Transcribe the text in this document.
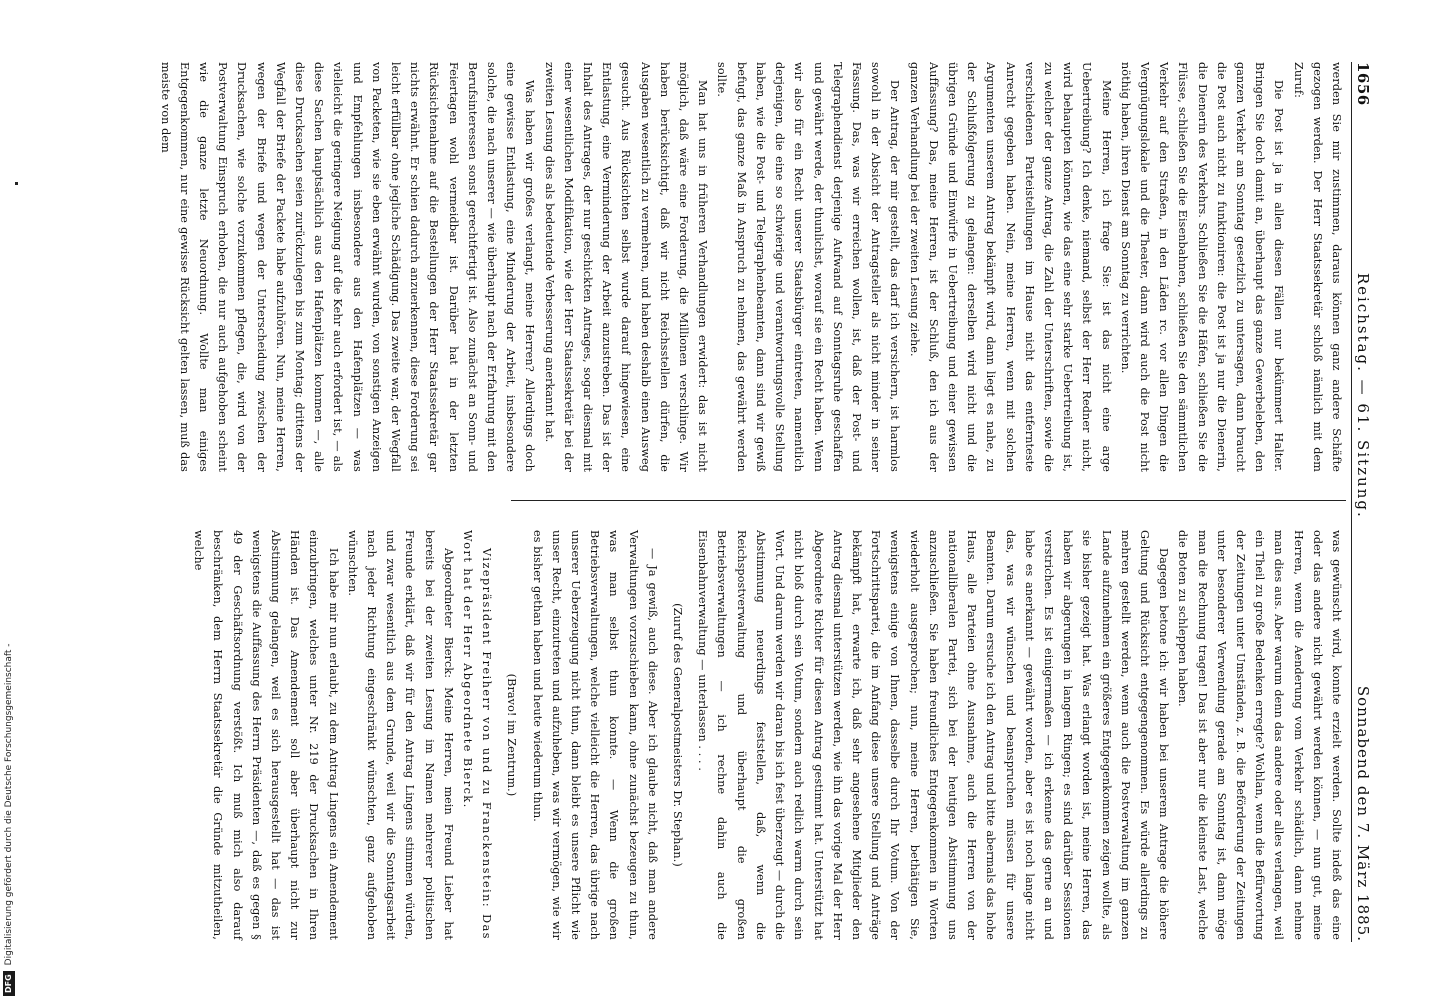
DFG
Digitalisierung gefördert durch die Deutsche Forschungsgemeinschaft -
1656
Reichstag. — 61. Sitzung.
Sonnabend den 7. März 1885.

werden Sie mir zustimmen, daraus können ganz andere Schäfte gezogen werden. Der Herr Staatssekretär schloß nämlich mit dem Zuruf:

Die Post ist ja in allen diesen Fällen nur bekümmert Halter. Bringen Sie doch damit an, überhaupt das ganze Gewerbeleben, den ganzen Verkehr am Sonntag gesetzlich zu untersagen, dann braucht die Post auch nicht zu funktioniren: die Post ist ja nur die Dienerin, die Dienerin des Verkehrs. Schließen Sie die Häfen, schließen Sie die Flüsse, schließen Sie die Eisenbahnen, schließen Sie den sämmtlichen Verkehr auf den Straßen, in den Läden rc. vor allen Dingen die Vergnügungslokale und die Theater, dann wird auch die Post nicht nöthig haben, ihren Dienst am Sonntag zu verrichten.

Meine Herren, ich frage Sie: ist das nicht eine arge Uebertreibung? Ich denke, niemand, selbst der Herr Redner nicht, wird behaupten können, wie das eine sehr starke Uebertreibung ist, zu welcher der ganze Antrag, die Zahl der Unterschriften, sowie die verschiedenen Parteistellungen im Hause nicht das entfernteste Anrecht gegeben haben. Nein, meine Herren, wenn mit solchen Argumenten unserem Antrag bekämpft wird, dann liegt es nahe, zu der Schlußfolgerung zu gelangen: derselben wird nicht und die übrigen Gründe und Einwürfe in Uebertreibung und einer gewissen Auffassung? Das, meine Herren, ist der Schluß, den ich aus der ganzen Verhandlung bei der zweiten Lesung ziehe.

Der Antrag, der mir gestellt, das darf ich versichern, ist harmlos sowohl in der Absicht der Antragsteller als nicht minder in seiner Fassung. Das, was wir erreichen wollen, ist, daß der Post- und Telegraphendienst derjenige Aufwand auf Sonntagsruhe geschaffen und gewährt werde, der thunlichst, worauf sie ein Recht haben. Wenn wir also für ein Recht unserer Staatsbürger eintreten, namentlich derjenigen, die eine so schwierige und verantwortungsvolle Stellung haben, wie die Post- und Telegraphenbeamten, dann sind wir gewiß befugt, das ganze Maß in Anspruch zu nehmen, das gewährt werden sollte.

Man hat uns in früheren Verhandlungen erwidert: das ist nicht möglich, daß wäre eine Forderung, die Millionen verschlinge. Wir haben berücksichtigt, daß wir nicht Reichsstellen dürfen, die Ausgaben wesentlich zu vermehren, und haben deshalb einen Ausweg gesucht. Aus Rücksichten selbst wurde darauf hingewiesen, eine Entlastung, eine Verminderung der Arbeit anzustreben. Das ist der Inhalt des Antrages, der nur geschickten Antrages, sogar diesmal mit einer wesentlichen Modifikation, wie der Herr Staatssekretär bei der zweiten Lesung dies als bedeutende Verbesserung anerkannt hat.

Was haben wir großes verlangt, meine Herren? Allerdings doch eine gewisse Entlastung, eine Minderung der Arbeit, insbesondere solche, die nach unserer — wie überhaupt nach der Erfahrung mit den Berufsinteressen sonst gerechtfertigt ist. Also zunächst an Sonn- und Feiertagen wohl vermeidbar ist. Darüber hat in der letzten Rücksichtenahme auf die Bestellungen der Herr Staatssekretär gar nichts erwähnt. Er schien dadurch anzuerkennen, diese Forderung sei leicht erfüllbar ohne jegliche Schädigung. Das zweite war, der Wegfall von Packeten, wie sie eben erwähnt wurden, von sonstigen Anzeigen und Empfehlungen insbesondere aus den Hafenplätzen — was vielleicht die geringere Neigung auf die Kehr auch erfordert ist, — als diese Sachen hauptsächlich aus den Hafenplätzen kommen —, alle diese Drucksachen seien zurückzulegen bis zum Montag; drittens der Wegfall der Briefe der Packete habe aufzuhören. Nun, meine Herren, wegen der Briefe und wegen der Unterscheidung zwischen der Drucksachen, wie solche vorzukommen pflegen, die, wird von der Postverwaltung Einspruch erhoben, die nur auch aufgehoben scheint wie die ganze letzte Neuordnung. Wollte man einiges Entgegenkommen, nur eine gewisse Rücksicht gelten lassen, muß das meiste von dem

was gewünscht wird, konnte erzielt werden. Sollte indeß das eine oder das andere nicht gewährt werden können, — nun gut, meine Herren, wenn die Aenderung vom Verkehr schädlich, dann nehme man dies aus. Aber warum denn das andere oder alles verlangen, weil ein Theil zu große Bedenken erregte? Wohlan, wenn die Befürwortung der Zeitungen unter Umständen, z. B. die Beförderung der Zeitungen unter besonderer Verwendung gerade am Sonntag ist, dann möge man die Rechnung tragen! Das ist aber nur die kleinste Last, welche die Boten zu schleppen haben.

Dagegen betone ich: wir haben bei unserem Antrage die höhere Geltung und Rücksicht entgegengenommen. Es würde allerdings zu mehren gestellt werden, wenn auch die Postverwaltung im ganzen Lande aufzunehmen ein größeres Entgegenkommen zeigen wollte, als sie bisher gezeigt hat. Was erlangt worden ist, meine Herren, das haben wir abgerungen in langem Ringen; es sind darüber Sessionen verstrichen. Es ist einigermaßen — ich erkenne das gerne an und habe es anerkannt — gewährt worden, aber es ist noch lange nicht das, was wir wünschen und beanspruchen müssen für unsere Beamten. Darum ersuche ich den Antrag und bitte abermals das hohe Haus, alle Parteien ohne Ausnahme, auch die Herren von der nationalliberalen Partei, sich bei der heutigen Abstimmung uns anzuschließen. Sie haben freundliches Entgegenkommen in Worten wiederholt ausgesprochen; nun, meine Herren, bethätigen Sie, wenigstens einige von Ihnen, dasselbe durch Ihr Votum. Von der Fortschrittspartei, die im Anfang diese unsere Stellung und Anträge bekämpft hat, erwarte ich, daß sehr angesehene Mitglieder den Antrag diesmal unterstützen werden, wie ihn das vorige Mal der Herr Abgeordnete Richter für diesen Antrag gestimmt hat. Unterstützt hat nicht bloß durch sein Votum, sondern auch redlich warm durch sein Wort. Und darum werden wir daran bis ich fest überzeugt — durch die Abstimmung neuerdings feststellen, daß, wenn die Reichspostverwaltung und überhaupt die großen Betriebsverwaltungen — ich rechne dahin auch die Eisenbahnverwaltung — unterlassen . . . .

(Zuruf des Generalpostmeisters Dr. Stephan.)

— Ja gewiß, auch diese. Aber ich glaube nicht, daß man andere Verwaltungen vorzuschieben kann, ohne zunächst bezeugen zu thun, was man selbst thun konnte. — Wenn die großen Betriebsverwaltungen, welche vielleicht die Herren, das übrige nach unserer Ueberzeugung nicht thun, dann bleibt es unsere Pflicht wie unser Recht, einzutreten und aufzuheben, was wir vermögen, wie wir es bisher gethan haben und heute wiederum thun.

(Bravo! im Zentrum.)

Vizepräsident Freiherr von und zu Franckenstein: Das Wort hat der Herr Abgeordnete Bierck.

Abgeordneter Bierck: Meine Herren, mein Freund Lieber hat bereits bei der zweiten Lesung im Namen mehrerer politischen Freunde erklärt, daß wir für den Antrag Lingens stimmen würden, und zwar wesentlich aus dem Grunde, weil wir die Sonntagsarbeit nach jeder Richtung eingeschränkt wünschten, ganz aufgehoben wünschten.

Ich habe mir nun erlaubt, zu dem Antrag Lingens ein Amendement einzubringen, welches unter Nr. 219 der Drucksachen in Ihren Händen ist. Das Amendement soll aber überhaupt nicht zur Abstimmung gelangen, weil es sich herausgestellt hat — das ist wenigstens die Auffassung des Herrn Präsidenten —, daß es gegen § 49 der Geschäftsordnung verstößt. Ich muß mich also darauf beschränken, dem Herrn Staatssekretär die Gründe mitzutheilen, welche
